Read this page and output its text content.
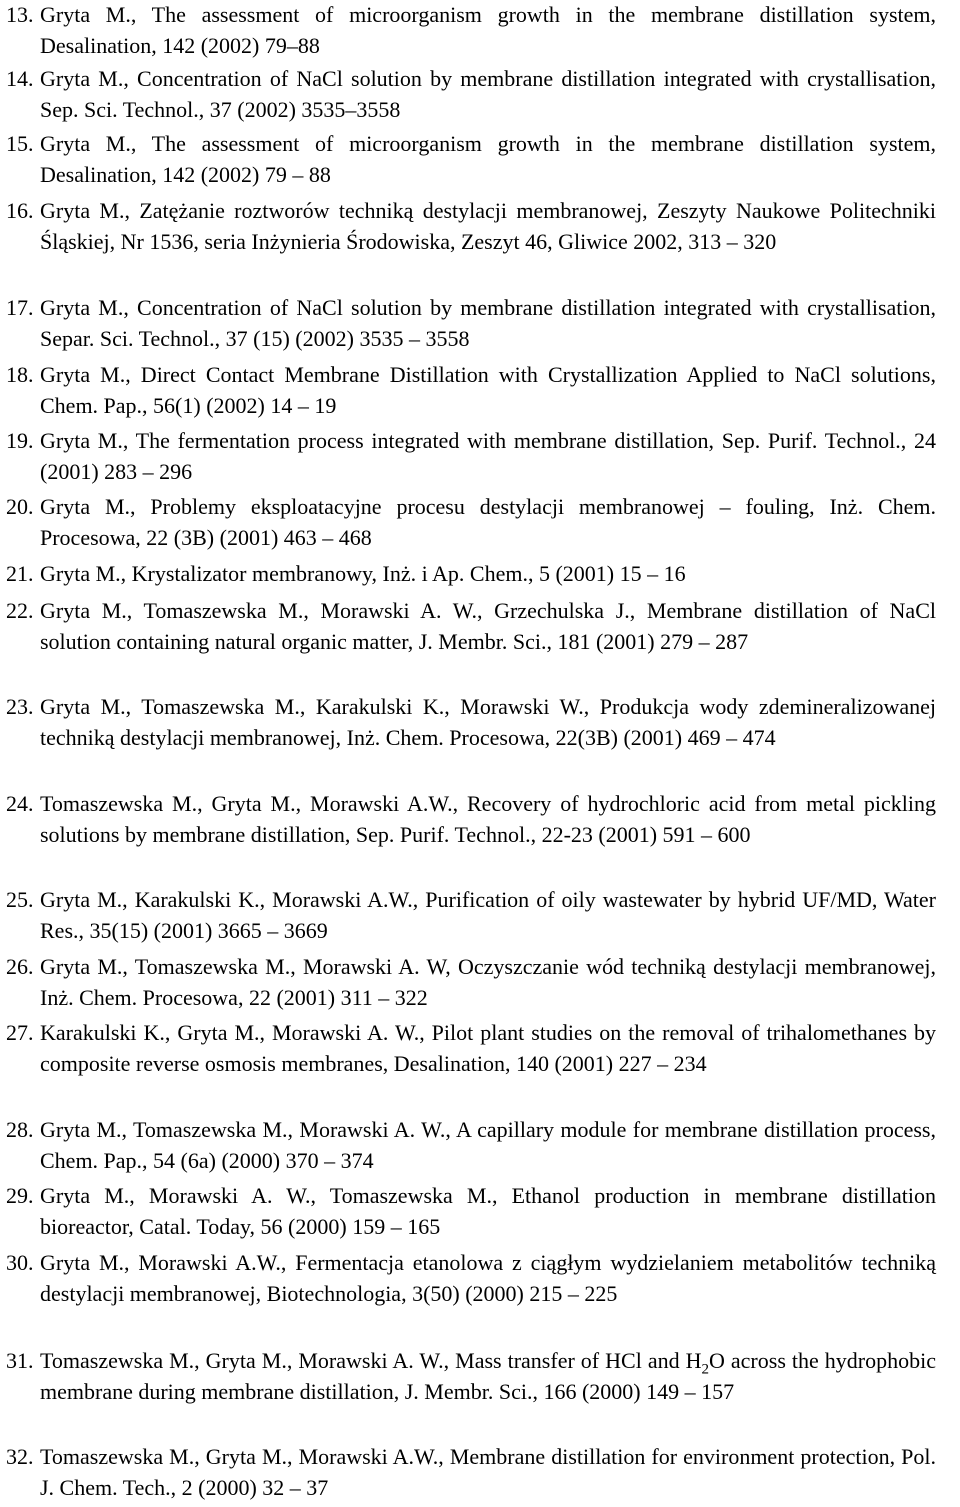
13. Gryta M., The assessment of microorganism growth in the membrane distillation system, Desalination, 142 (2002) 79–88
14. Gryta M., Concentration of NaCl solution by membrane distillation integrated with crystallisation, Sep. Sci. Technol., 37 (2002) 3535–3558
15. Gryta M., The assessment of microorganism growth in the membrane distillation system, Desalination, 142 (2002) 79 – 88
16. Gryta M., Zatężanie roztworów techniką destylacji membranowej, Zeszyty Naukowe Politechniki Śląskiej, Nr 1536, seria Inżynieria Środowiska, Zeszyt 46, Gliwice 2002, 313 – 320
17. Gryta M., Concentration of NaCl solution by membrane distillation integrated with crystallisation, Separ. Sci. Technol., 37 (15) (2002) 3535 – 3558
18. Gryta M., Direct Contact Membrane Distillation with Crystallization Applied to NaCl solutions, Chem. Pap., 56(1) (2002) 14 – 19
19. Gryta M., The fermentation process integrated with membrane distillation, Sep. Purif. Technol., 24 (2001) 283 – 296
20. Gryta M., Problemy eksploatacyjne procesu destylacji membranowej – fouling, Inż. Chem. Procesowa, 22 (3B) (2001) 463 – 468
21. Gryta M., Krystalizator membranowy, Inż. i Ap. Chem., 5 (2001) 15 – 16
22. Gryta M., Tomaszewska M., Morawski A. W., Grzechulska J., Membrane distillation of NaCl solution containing natural organic matter, J. Membr. Sci., 181 (2001) 279 – 287
23. Gryta M., Tomaszewska M., Karakulski K., Morawski W., Produkcja wody zdemineralizowanej techniką destylacji membranowej, Inż. Chem. Procesowa, 22(3B) (2001) 469 – 474
24. Tomaszewska M., Gryta M., Morawski A.W., Recovery of hydrochloric acid from metal pickling solutions by membrane distillation, Sep. Purif. Technol., 22-23 (2001) 591 – 600
25. Gryta M., Karakulski K., Morawski A.W., Purification of oily wastewater by hybrid UF/MD, Water Res., 35(15) (2001) 3665 – 3669
26. Gryta M., Tomaszewska M., Morawski A. W, Oczyszczanie wód techniką destylacji membranowej, Inż. Chem. Procesowa, 22 (2001) 311 – 322
27. Karakulski K., Gryta M., Morawski A. W., Pilot plant studies on the removal of trihalomethanes by composite reverse osmosis membranes, Desalination, 140 (2001) 227 – 234
28. Gryta M., Tomaszewska M., Morawski A. W., A capillary module for membrane distillation process, Chem. Pap., 54 (6a) (2000) 370 – 374
29. Gryta M., Morawski A. W., Tomaszewska M., Ethanol production in membrane distillation bioreactor, Catal. Today, 56 (2000) 159 – 165
30. Gryta M., Morawski A.W., Fermentacja etanolowa z ciągłym wydzielaniem metabolitów techniką destylacji membranowej, Biotechnologia, 3(50) (2000) 215 – 225
31. Tomaszewska M., Gryta M., Morawski A. W., Mass transfer of HCl and $H_2O$ across the hydrophobic membrane during membrane distillation, J. Membr. Sci., 166 (2000) 149 – 157
32. Tomaszewska M., Gryta M., Morawski A.W., Membrane distillation for environment protection, Pol. J. Chem. Tech., 2 (2000) 32 – 37
